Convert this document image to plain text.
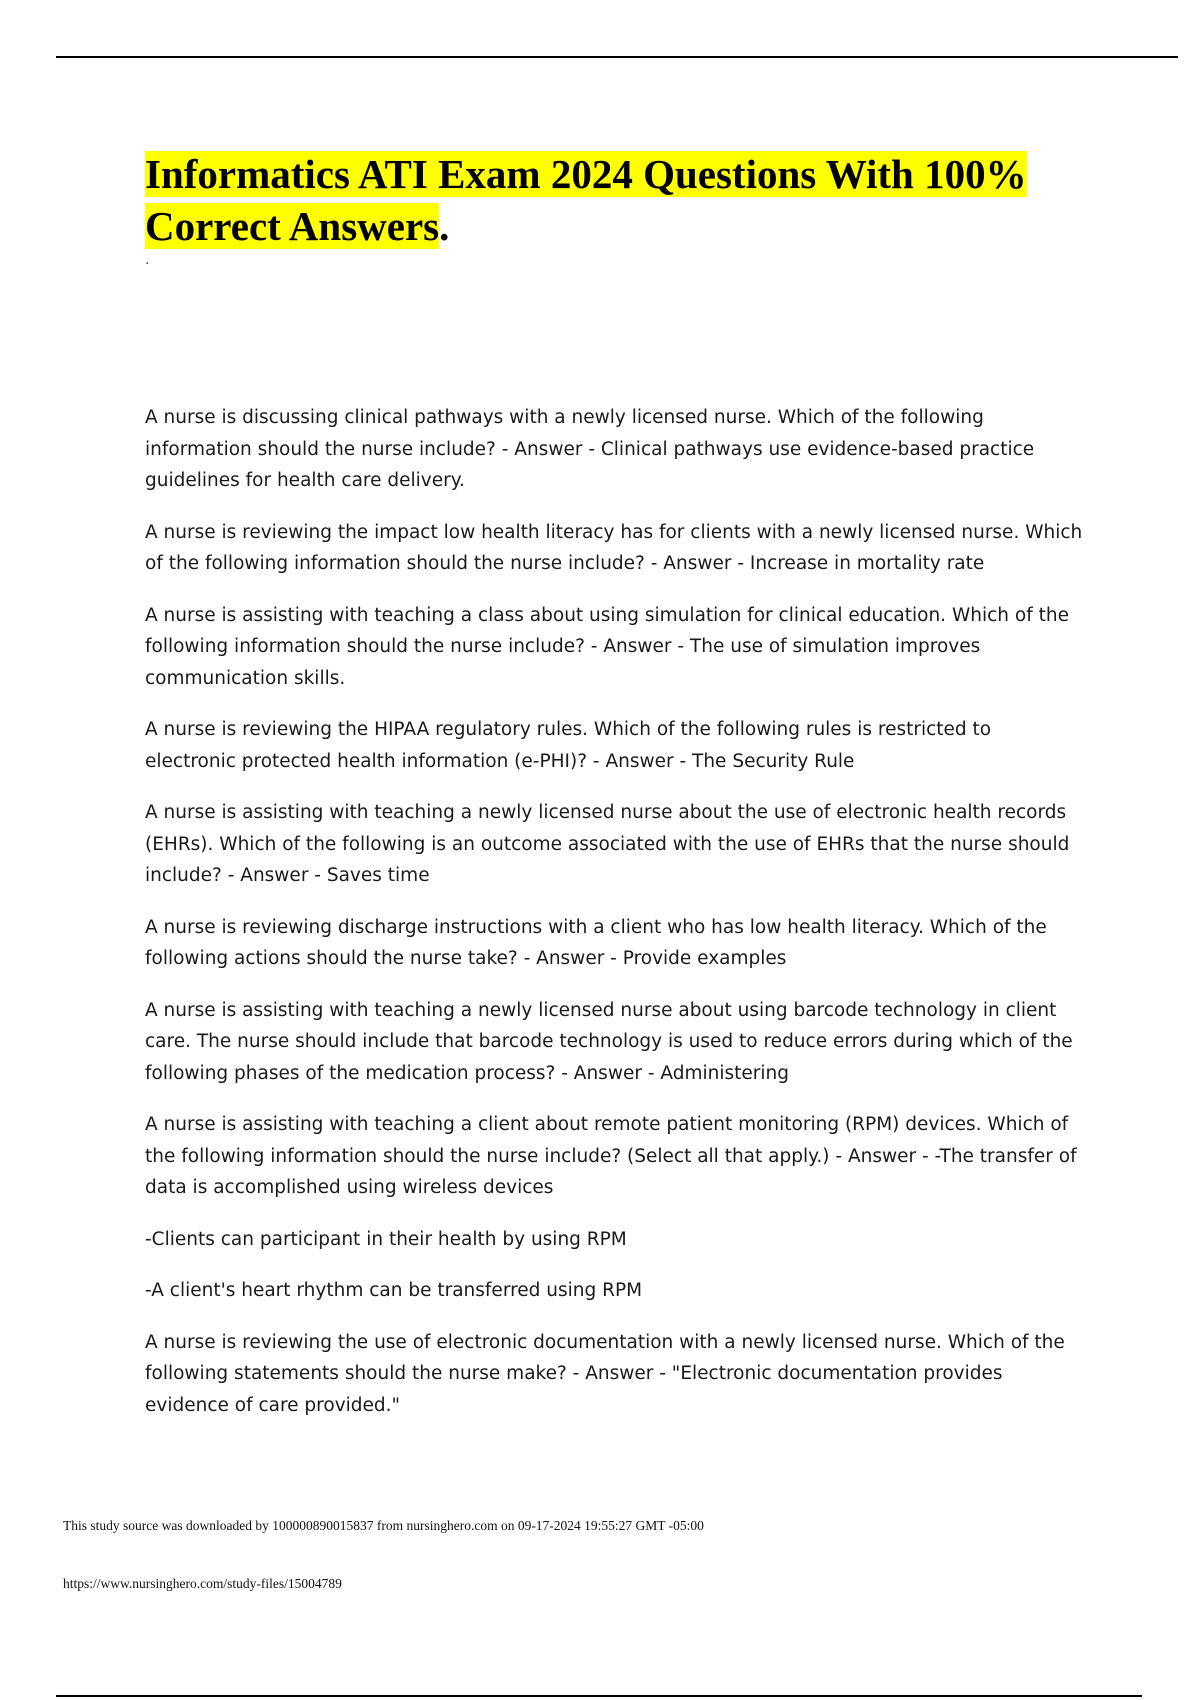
Informatics ATI Exam 2024 Questions With 100% Correct Answers.
.

A nurse is discussing clinical pathways with a newly licensed nurse. Which of the following information should the nurse include? - Answer - Clinical pathways use evidence-based practice guidelines for health care delivery.

A nurse is reviewing the impact low health literacy has for clients with a newly licensed nurse. Which of the following information should the nurse include? - Answer - Increase in mortality rate

A nurse is assisting with teaching a class about using simulation for clinical education. Which of the following information should the nurse include? - Answer - The use of simulation improves communication skills.

A nurse is reviewing the HIPAA regulatory rules. Which of the following rules is restricted to electronic protected health information (e-PHI)? - Answer - The Security Rule

A nurse is assisting with teaching a newly licensed nurse about the use of electronic health records (EHRs). Which of the following is an outcome associated with the use of EHRs that the nurse should include? - Answer - Saves time

A nurse is reviewing discharge instructions with a client who has low health literacy. Which of the following actions should the nurse take? - Answer - Provide examples

A nurse is assisting with teaching a newly licensed nurse about using barcode technology in client care. The nurse should include that barcode technology is used to reduce errors during which of the following phases of the medication process? - Answer - Administering

A nurse is assisting with teaching a client about remote patient monitoring (RPM) devices. Which of the following information should the nurse include? (Select all that apply.) - Answer - -The transfer of data is accomplished using wireless devices

-Clients can participant in their health by using RPM

-A client's heart rhythm can be transferred using RPM

A nurse is reviewing the use of electronic documentation with a newly licensed nurse. Which of the following statements should the nurse make? - Answer - "Electronic documentation provides evidence of care provided."

This study source was downloaded by 100000890015837 from nursinghero.com on 09-17-2024 19:55:27 GMT -05:00
https://www.nursinghero.com/study-files/15004789
